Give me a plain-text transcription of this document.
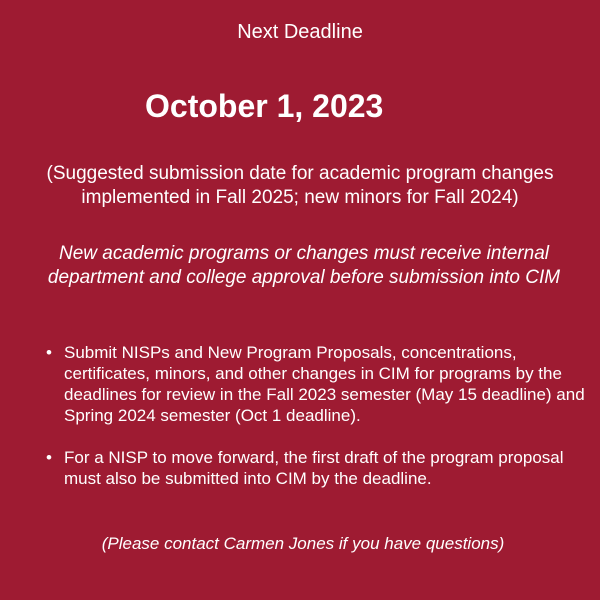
Next Deadline
October 1, 2023
(Suggested submission date for academic program changes implemented in Fall 2025; new minors for Fall 2024)
New academic programs or changes must receive internal department and college approval before submission into CIM
• Submit NISPs and New Program Proposals, concentrations, certificates, minors, and other changes in CIM for programs by the deadlines for review in the Fall 2023 semester (May 15 deadline) and Spring 2024 semester (Oct 1 deadline).
• For a NISP to move forward, the first draft of the program proposal must also be submitted into CIM by the deadline.
(Please contact Carmen Jones if you have questions)
